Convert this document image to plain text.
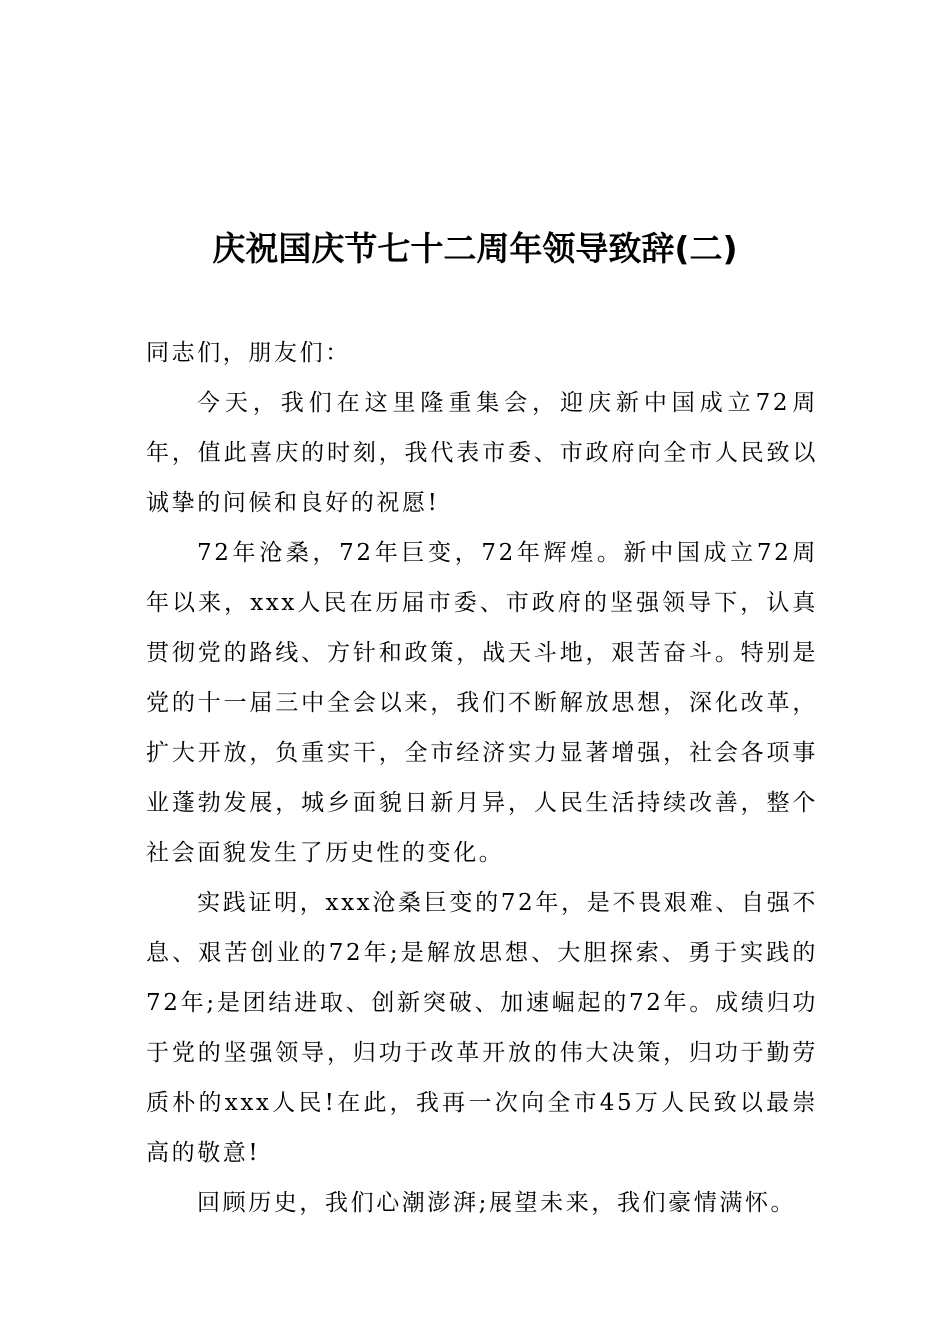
庆祝国庆节七十二周年领导致辞(二)

同志们，朋友们：

今天，我们在这里隆重集会，迎庆新中国成立72周年，值此喜庆的时刻，我代表市委、市政府向全市人民致以诚挚的问候和良好的祝愿!

72年沧桑，72年巨变，72年辉煌。新中国成立72周年以来，xxx人民在历届市委、市政府的坚强领导下，认真贯彻党的路线、方针和政策，战天斗地，艰苦奋斗。特别是党的十一届三中全会以来，我们不断解放思想，深化改革，扩大开放，负重实干，全市经济实力显著增强，社会各项事业蓬勃发展，城乡面貌日新月异，人民生活持续改善，整个社会面貌发生了历史性的变化。

实践证明，xxx沧桑巨变的72年，是不畏艰难、自强不息、艰苦创业的72年;是解放思想、大胆探索、勇于实践的72年;是团结进取、创新突破、加速崛起的72年。成绩归功于党的坚强领导，归功于改革开放的伟大决策，归功于勤劳质朴的xxx人民!在此，我再一次向全市45万人民致以最崇高的敬意!

回顾历史，我们心潮澎湃;展望未来，我们豪情满怀。
